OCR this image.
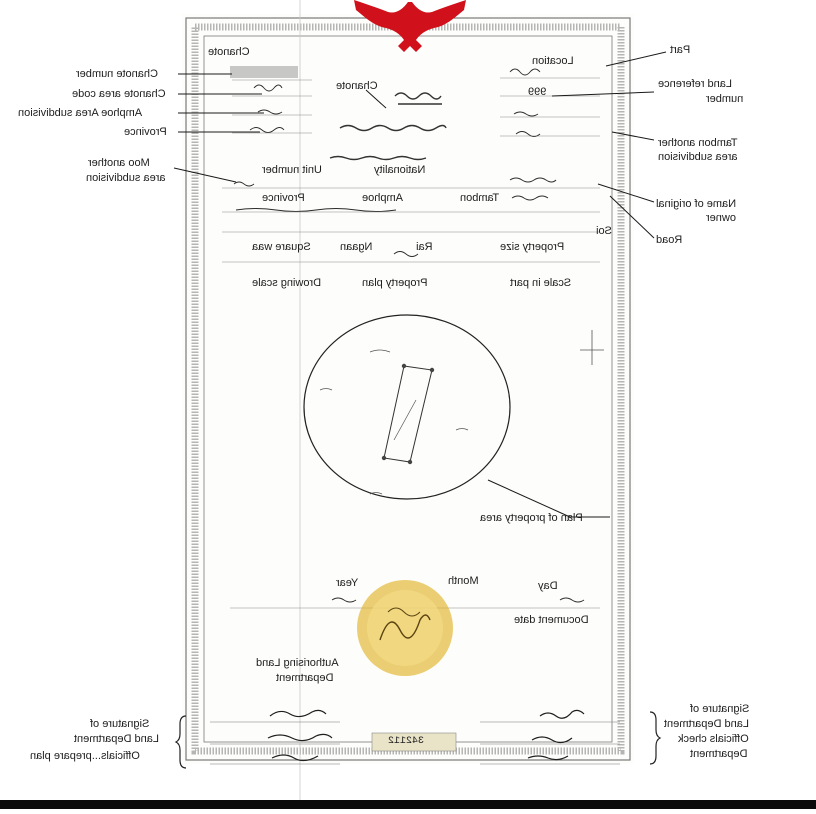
Chanote
Location
Part
Chanote number
Land reference
number
Chanote	999
Chanote area code
Amphoe Area subdivision
Province
Tambon another
area subdivision
Moo another
area subdivision
Nationality
Unit number
Tambon
Amphoe
Province	Name of original
owner
Soi
Road
Property size
Rai
Ngaan
Square waa
Scale in part
Property plan
Drowing scale
Plan of property area
Day
Month
Year
Document date
Authorising Land
Department
Signature of
Land Department
Officials...prepare plan
Signature of
Land Department
Officials check
Department
342112
